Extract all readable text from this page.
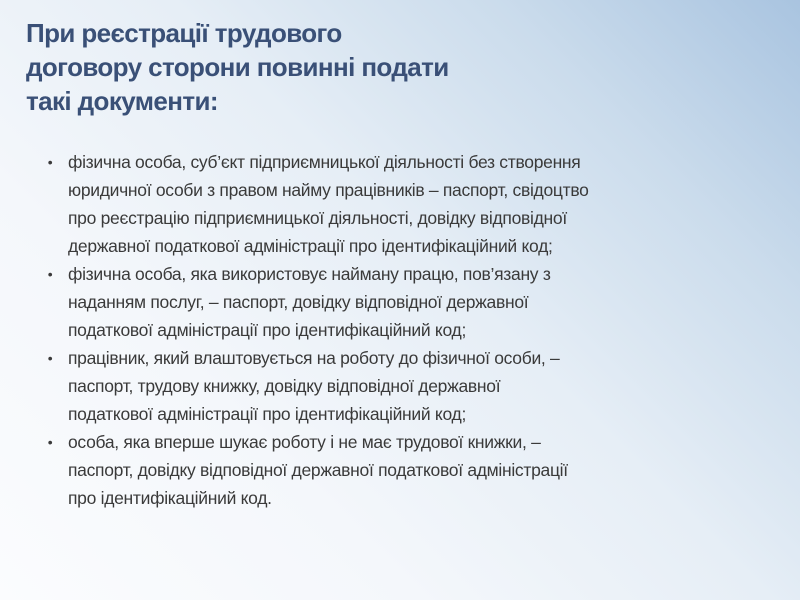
При реєстрації трудового
договору сторони повинні подати
такі документи:
• фізична особа, суб’єкт підприємницької діяльності без створення
юридичної особи з правом найму працівників – паспорт, свідоцтво
про реєстрацію підприємницької діяльності, довідку відповідної
державної податкової адміністрації про ідентифікаційний код;
• фізична особа, яка використовує найману працю, пов’язану з
наданням послуг, – паспорт, довідку відповідної державної
податкової адміністрації про ідентифікаційний код;
• працівник, який влаштовується на роботу до фізичної особи, –
паспорт, трудову книжку, довідку відповідної державної
податкової адміністрації про ідентифікаційний код;
• особа, яка вперше шукає роботу і не має трудової книжки, –
паспорт, довідку відповідної державної податкової адміністрації
про ідентифікаційний код.
